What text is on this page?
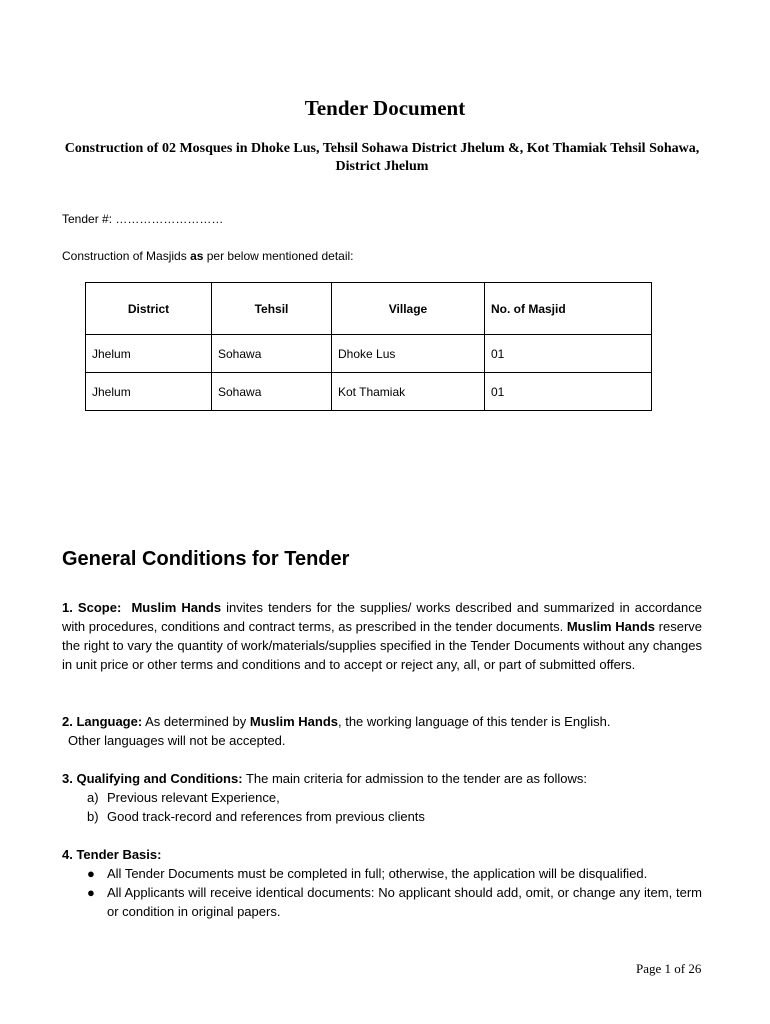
Tender Document
Construction of 02 Mosques in Dhoke Lus, Tehsil Sohawa District Jhelum &, Kot Thamiak Tehsil Sohawa, District Jhelum
Tender #: ………………………
Construction of Masjids as per below mentioned detail:
District	Tehsil	Village	No. of Masjid
Jhelum	Sohawa	Dhoke Lus	01
Jhelum	Sohawa	Kot Thamiak	01
General Conditions for Tender
1. Scope: Muslim Hands invites tenders for the supplies/ works described and summarized in accordance with procedures, conditions and contract terms, as prescribed in the tender documents. Muslim Hands reserve the right to vary the quantity of work/materials/supplies specified in the Tender Documents without any changes in unit price or other terms and conditions and to accept or reject any, all, or part of submitted offers.
2. Language: As determined by Muslim Hands, the working language of this tender is English.
Other languages will not be accepted.
3. Qualifying and Conditions: The main criteria for admission to the tender are as follows:
a) Previous relevant Experience,
b) Good track-record and references from previous clients
4. Tender Basis:
● All Tender Documents must be completed in full; otherwise, the application will be disqualified.
● All Applicants will receive identical documents: No applicant should add, omit, or change any item, term or condition in original papers.
Page 1 of 26
